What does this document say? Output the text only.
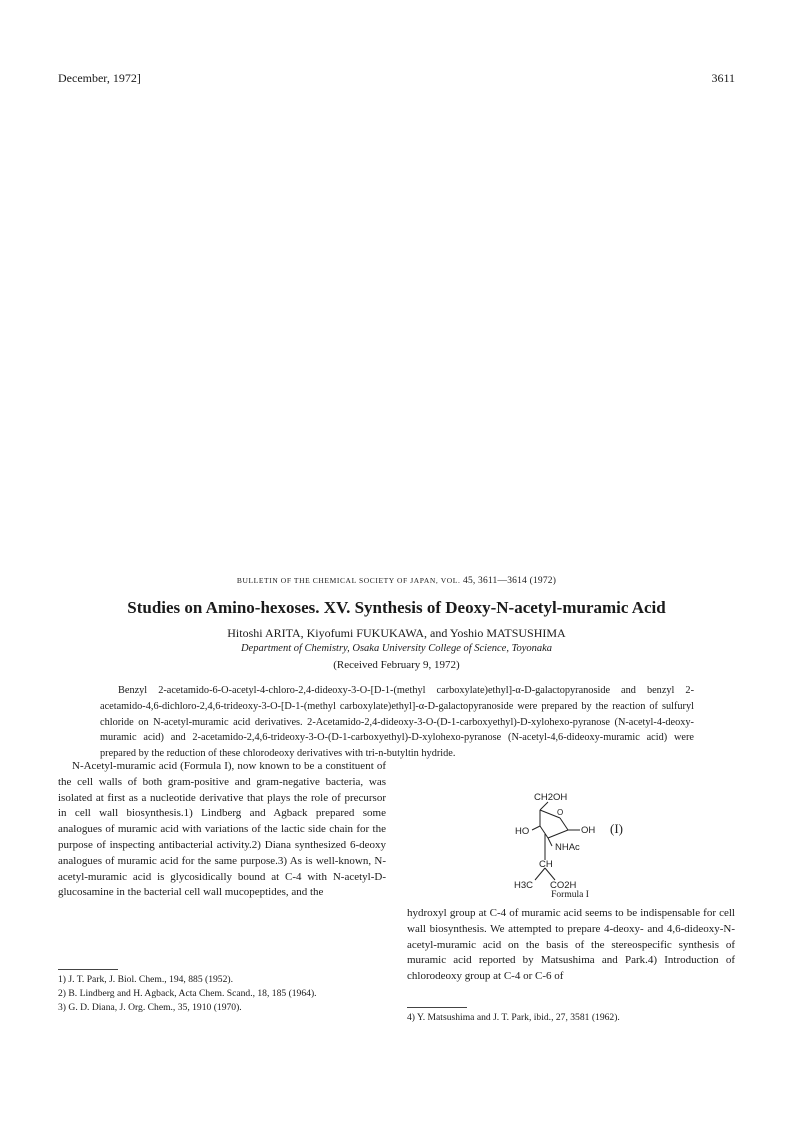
December, 1972]	3611
BULLETIN OF THE CHEMICAL SOCIETY OF JAPAN, VOL. 45, 3611—3614 (1972)
Studies on Amino-hexoses. XV. Synthesis of Deoxy-N-acetyl-muramic Acid
Hitoshi ARITA, Kiyofumi FUKUKAWA, and Yoshio MATSUSHIMA
Department of Chemistry, Osaka University College of Science, Toyonaka
(Received February 9, 1972)
Benzyl 2-acetamido-6-O-acetyl-4-chloro-2,4-dideoxy-3-O-[D-1-(methyl carboxylate)ethyl]-α-D-galactopyranoside and benzyl 2-acetamido-4,6-dichloro-2,4,6-trideoxy-3-O-[D-1-(methyl carboxylate)ethyl]-α-D-galactopyranoside were prepared by the reaction of sulfuryl chloride on N-acetyl-muramic acid derivatives. 2-Acetamido-2,4-dideoxy-3-O-(D-1-carboxyethyl)-D-xylohexo-pyranose (N-acetyl-4-deoxy-muramic acid) and 2-acetamido-2,4,6-trideoxy-3-O-(D-1-carboxyethyl)-D-xylohexo-pyranose (N-acetyl-4,6-dideoxy-muramic acid) were prepared by the reduction of these chlorodeoxy derivatives with tri-n-butyltin hydride.
N-Acetyl-muramic acid (Formula I), now known to be a constituent of the cell walls of both gram-positive and gram-negative bacteria, was isolated at first as a nucleotide derivative that plays the role of precursor in cell wall biosynthesis.1) Lindberg and Agback prepared some analogues of muramic acid with variations of the lactic side chain for the purpose of inspecting antibacterial activity.2) Diana synthesized 6-deoxy analogues of muramic acid for the same purpose.3) As is well-known, N-acetyl-muramic acid is glycosidically bound at C-4 with N-acetyl-D-glucosamine in the bacterial cell wall mucopeptides, and the
CH2OH
O
OH
HO
NHAc
CH
H3C CO2H
(I)
Formula I
hydroxyl group at C-4 of muramic acid seems to be indispensable for cell wall biosynthesis. We attempted to prepare 4-deoxy- and 4,6-dideoxy-N-acetyl-muramic acid on the basis of the stereospecific synthesis of muramic acid reported by Matsushima and Park.4) Introduction of chlorodeoxy group at C-4 or C-6 of
1) J. T. Park, J. Biol. Chem., 194, 885 (1952).
2) B. Lindberg and H. Agback, Acta Chem. Scand., 18, 185 (1964).
3) G. D. Diana, J. Org. Chem., 35, 1910 (1970).
4) Y. Matsushima and J. T. Park, ibid., 27, 3581 (1962).
